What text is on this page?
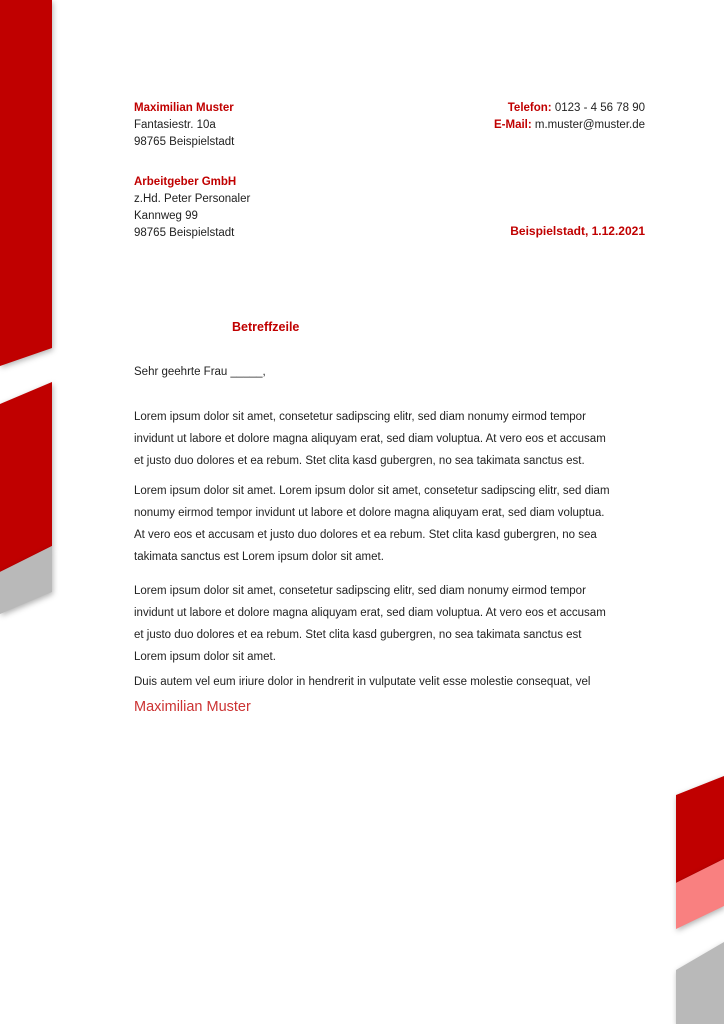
Maximilian Muster
Fantasiestr. 10a
98765 Beispielstadt
Telefon: 0123 - 4 56 78 90
E-Mail: m.muster@muster.de
Arbeitgeber GmbH
z.Hd. Peter Personaler
Kannweg 99
98765 Beispielstadt	Beispielstadt, 1.12.2021
Betreffzeile
Sehr geehrte Frau _____,
Lorem ipsum dolor sit amet, consetetur sadipscing elitr, sed diam nonumy eirmod tempor
invidunt ut labore et dolore magna aliquyam erat, sed diam voluptua. At vero eos et accusam
et justo duo dolores et ea rebum. Stet clita kasd gubergren, no sea takimata sanctus est.
Lorem ipsum dolor sit amet. Lorem ipsum dolor sit amet, consetetur sadipscing elitr, sed diam
nonumy eirmod tempor invidunt ut labore et dolore magna aliquyam erat, sed diam voluptua.
At vero eos et accusam et justo duo dolores et ea rebum. Stet clita kasd gubergren, no sea
takimata sanctus est Lorem ipsum dolor sit amet.
Lorem ipsum dolor sit amet, consetetur sadipscing elitr, sed diam nonumy eirmod tempor
invidunt ut labore et dolore magna aliquyam erat, sed diam voluptua. At vero eos et accusam
et justo duo dolores et ea rebum. Stet clita kasd gubergren, no sea takimata sanctus est
Lorem ipsum dolor sit amet.
Duis autem vel eum iriure dolor in hendrerit in vulputate velit esse molestie consequat, vel
Maximilian Muster
